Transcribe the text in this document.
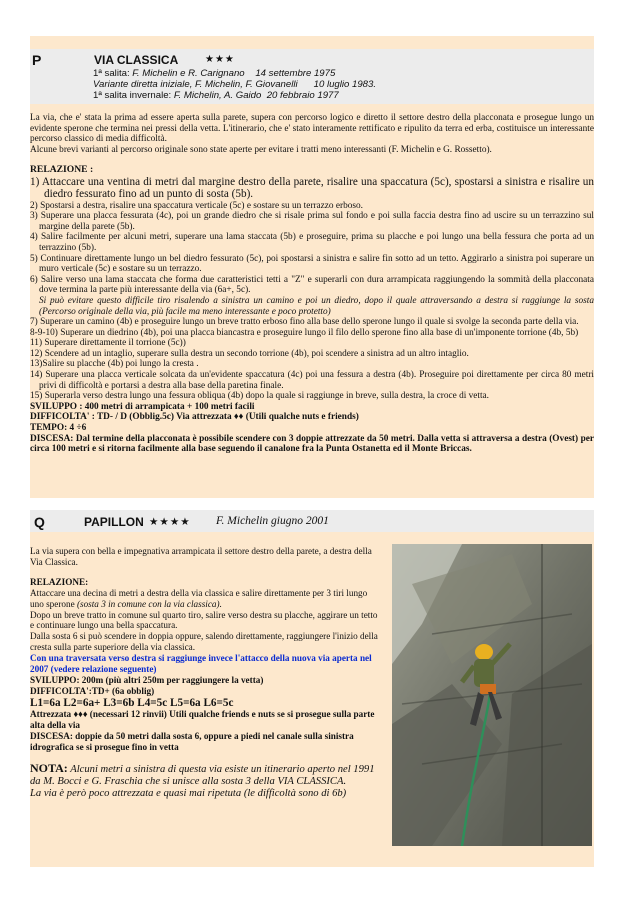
P	VIA CLASSICA	★★★
1ª salita: F. Michelin e R. Carignano 14 settembre 1975
Variante diretta iniziale, F. Michelin, F. Giovanelli 10 luglio 1983.
1ª salita invernale: F. Michelin, A. Gaido 20 febbraio 1977

La via, che e' stata la prima ad essere aperta sulla parete, supera con percorso logico e diretto il settore destro della placconata e prosegue lungo un evidente sperone che termina nei pressi della vetta. L'itinerario, che e' stato interamente rettificato e ripulito da terra ed erba, costituisce un interessante percorso classico di media difficoltà.

Alcune brevi varianti al percorso originale sono state aperte per evitare i tratti meno interessanti (F. Michelin e G. Rossetto).

RELAZIONE :

1) Attaccare una ventina di metri dal margine destro della parete, risalire una spaccatura (5c), spostarsi a sinistra e risalire un diedro fessurato fino ad un punto di sosta (5b).

2) Spostarsi a destra, risalire una spaccatura verticale (5c) e sostare su un terrazzo erboso.

3) Superare una placca fessurata (4c), poi un grande diedro che si risale prima sul fondo e poi sulla faccia destra fino ad uscire su un terrazzino sul margine della parete (5b).

4) Salire facilmente per alcuni metri, superare una lama staccata (5b) e proseguire, prima su placche e poi lungo una bella fessura che porta ad un terrazzino (5b).

5) Continuare direttamente lungo un bel diedro fessurato (5c), poi spostarsi a sinistra e salire fin sotto ad un tetto. Aggirarlo a sinistra poi superare un muro verticale (5c) e sostare su un terrazzo.

6) Salire verso una lama staccata che forma due caratteristici tetti a "Z" e superarli con dura arrampicata raggiungendo la sommità della placconata dove termina la parte più interessante della via (6a+, 5c).

Si può evitare questo difficile tiro risalendo a sinistra un camino e poi un diedro, dopo il quale attraversando a destra si raggiunge la sosta (Percorso originale della via, più facile ma meno interessante e poco protetto)

7) Superare un camino (4b) e proseguire lungo un breve tratto erboso fino alla base dello sperone lungo il quale si svolge la seconda parte della via.

8-9-10) Superare un diedrino (4b), poi una placca biancastra e proseguire lungo il filo dello sperone fino alla base di un'imponente torrione (4b, 5b)

11) Superare direttamente il torrione (5c))

12) Scendere ad un intaglio, superare sulla destra un secondo torrione (4b), poi scendere a sinistra ad un altro intaglio.

13)Salire su placche (4b) poi lungo la cresta .

14) Superare una placca verticale solcata da un'evidente spaccatura (4c) poi una fessura a destra (4b). Proseguire poi direttamente per circa 80 metri privi di difficoltà e portarsi a destra alla base della paretina finale.

15) Superarla verso destra lungo una fessura obliqua (4b) dopo la quale si raggiunge in breve, sulla destra, la croce di vetta.

SVILUPPO : 400 metri di arrampicata + 100 metri facili

DIFFICOLTA' : TD- / D (Obblig.5c) Via attrezzata ♦♦ (Utili qualche nuts e friends)

TEMPO: 4 ÷6

DISCESA: Dal termine della placconata è possibile scendere con 3 doppie attrezzate da 50 metri. Dalla vetta si attraversa a destra (Ovest) per circa 100 metri e si ritorna facilmente alla base seguendo il canalone fra la Punta Ostanetta ed il Monte Briccas.

Q	PAPILLON ★★★★ F. Michelin giugno 2001

La via supera con bella e impegnativa arrampicata il settore destro della parete, a destra della Via Classica.

RELAZIONE:

Attaccare una decina di metri a destra della via classica e salire direttamente per 3 tiri lungo uno sperone (sosta 3 in comune con la via classica).

Dopo un breve tratto in comune sul quarto tiro, salire verso destra su placche, aggirare un tetto e continuare lungo una bella spaccatura.

Dalla sosta 6 si può scendere in doppia oppure, salendo direttamente, raggiungere l'inizio della cresta sulla parte superiore della via classica.

Con una traversata verso destra si raggiunge invece l'attacco della nuova via aperta nel 2007 (vedere relazione seguente)

SVILUPPO: 200m (più altri 250m per raggiungere la vetta)

DIFFICOLTA':TD+ (6a obblig)

L1=6a L2=6a+ L3=6b L4=5c L5=6a L6=5c

Attrezzata ♦♦♦ (necessari 12 rinvii) Utili qualche friends e nuts se si prosegue sulla parte alta della via

DISCESA: doppie da 50 metri dalla sosta 6, oppure a piedi nel canale sulla sinistra idrografica se si prosegue fino in vetta

NOTA: Alcuni metri a sinistra di questa via esiste un itinerario aperto nel 1991 da M. Bocci e G. Fraschia che si unisce alla sosta 3 della VIA CLASSICA.

La via è però poco attrezzata e quasi mai ripetuta (le difficoltà sono di 6b)
